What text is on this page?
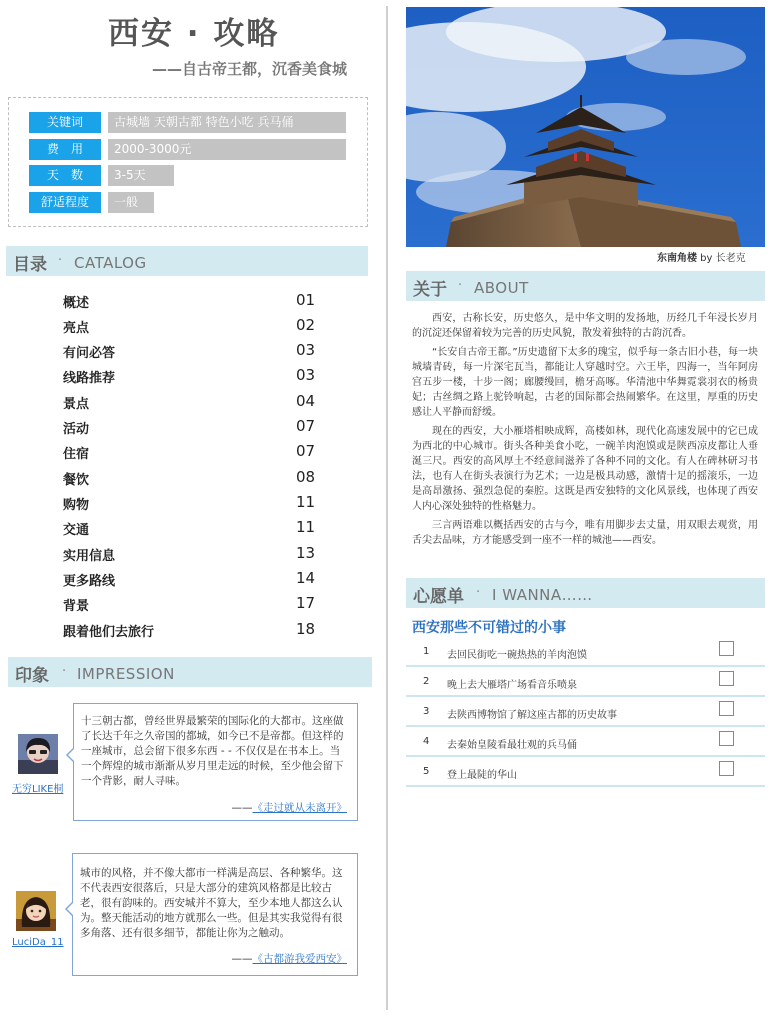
西安 · 攻略
——自古帝王都，沉香美食城
关键词	古城墙 天朝古都 特色小吃 兵马俑
费　用	2000-3000元
天　数	3-5天
舒适程度	一般
目录 · CATALOG
概述	01
亮点	02
有问必答	03
线路推荐	03
景点	04
活动	07
住宿	07
餐饮	08
购物	11
交通	11
实用信息	13
更多路线	14
背景	17
跟着他们去旅行	18
印象 · IMPRESSION
无穷LIKE桐
十三朝古都，曾经世界最繁荣的国际化的大都市。这座做了长达千年之久帝国的都城，如今已不是帝都。但这样的一座城市，总会留下很多东西 - - 不仅仅是在书本上。当一个辉煌的城市渐渐从岁月里走远的时候，至少他会留下一个背影，耐人寻味。
——《走过就从未离开》
LuciDa_11
城市的风格，并不像大都市一样满是高层、各种繁华。这不代表西安很落后，只是大部分的建筑风格都是比较古老，很有韵味的。西安城并不算大，至少本地人都这么认为。整天能活动的地方就那么一些。但是其实我觉得有很多角落、还有很多细节，都能让你为之触动。
——《古都游我爱西安》
东南角楼 by 长老克
关于 · ABOUT

西安，古称长安，历史悠久，是中华文明的发扬地，历经几千年浸长岁月的沉淀还保留着较为完善的历史风貌，散发着独特的古韵沉香。

“长安自古帝王都。”历史遗留下太多的瑰宝，似乎每一条古旧小巷，每一块城墙青砖，每一片深宅瓦当，都能让人穿越时空。六王毕，四海一，当年阿房宫五步一楼，十步一阁；廊腰缦回，檐牙高啄。华清池中华舞霓裳羽衣的杨贵妃；古丝绸之路上驼铃响起，古老的国际都会热闹繁华。在这里，厚重的历史感让人平静而舒缓。

现在的西安，大小雁塔相映成辉，高楼如林，现代化高速发展中的它已成为西北的中心城市。街头各种美食小吃，一碗羊肉泡馍或是陕西凉皮都让人垂涎三尺。西安的高风厚土不经意间滋养了各种不同的文化。有人在碑林研习书法，也有人在街头表演行为艺术；一边是极具动感，激情十足的摇滚乐，一边是高昂激扬、强烈急促的秦腔。这既是西安独特的文化风景线，也体现了西安人内心深处独特的性格魅力。

三言两语难以概括西安的古与今，唯有用脚步去丈量，用双眼去观赏，用舌尖去品味，方才能感受到一座不一样的城池——西安。

心愿单 · I WANNA……
西安那些不可错过的小事
1 去回民街吃一碗热热的羊肉泡馍
2 晚上去大雁塔广场看音乐喷泉
3 去陕西博物馆了解这座古都的历史故事
4 去秦始皇陵看最壮观的兵马俑
5 登上最陡的华山
